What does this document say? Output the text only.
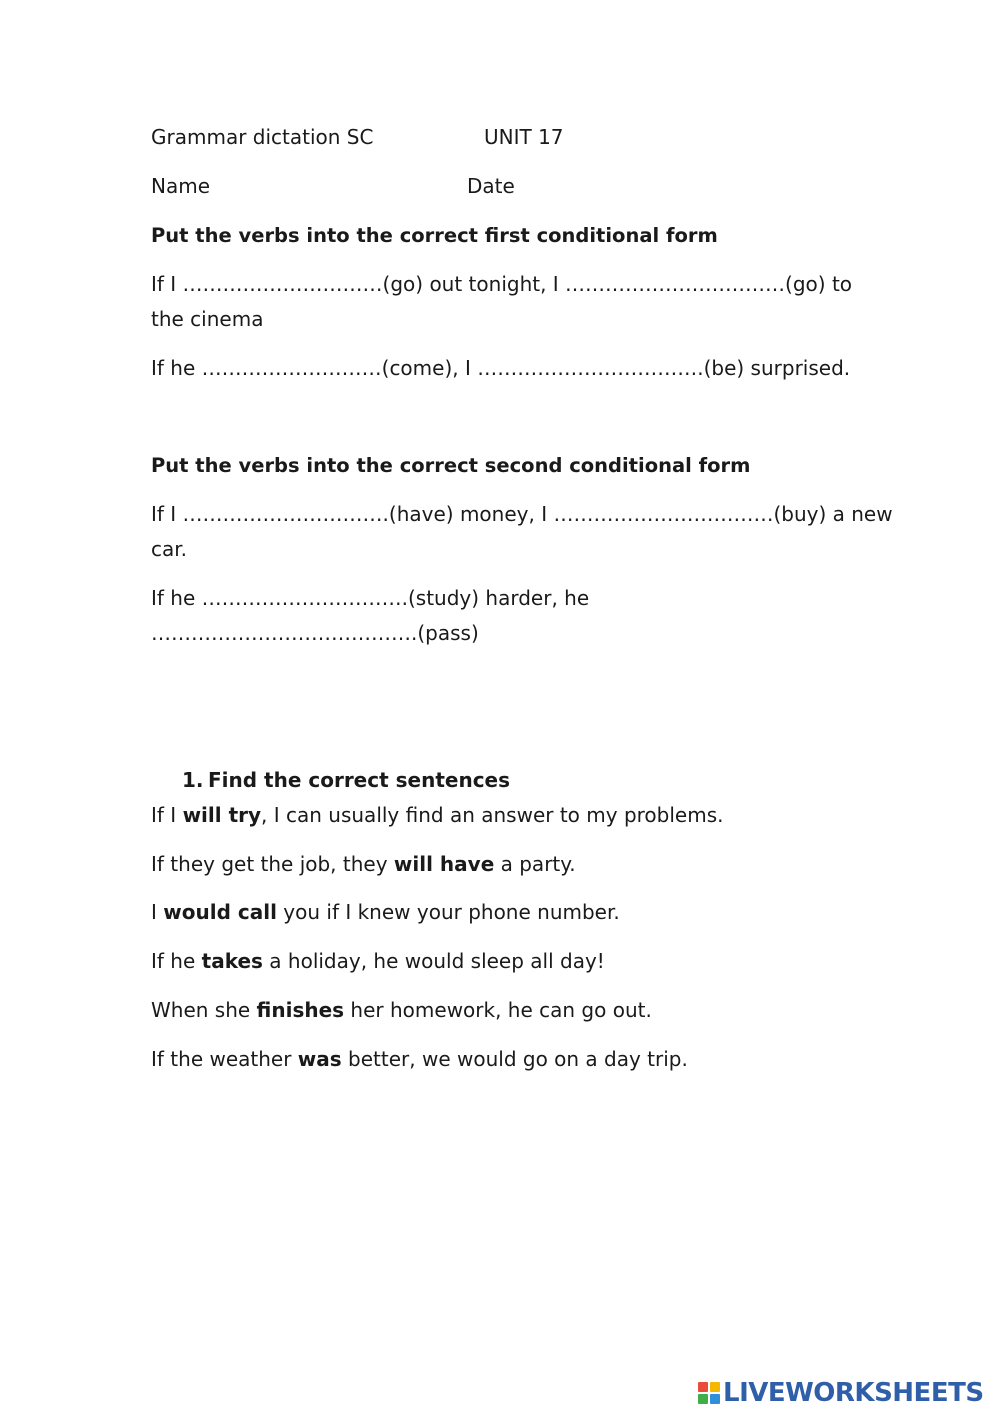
Grammar dictation SC	UNIT 17
Name	Date
Put the verbs into the correct first conditional form
If I …………………………(go) out tonight, I ……………………………(go) to
the cinema
If he ………………………(come), I …………………………….(be) surprised.
Put the verbs into the correct second conditional form
If I ………………………….(have) money, I ……………………………(buy) a new
car.
If he ………………………….(study) harder, he
………………………………….(pass)
1. Find the correct sentences
If I will try, I can usually find an answer to my problems.
If they get the job, they will have a party.
I would call you if I knew your phone number.
If he takes a holiday, he would sleep all day!
When she finishes her homework, he can go out.
If the weather was better, we would go on a day trip.
LIVEWORKSHEETS
